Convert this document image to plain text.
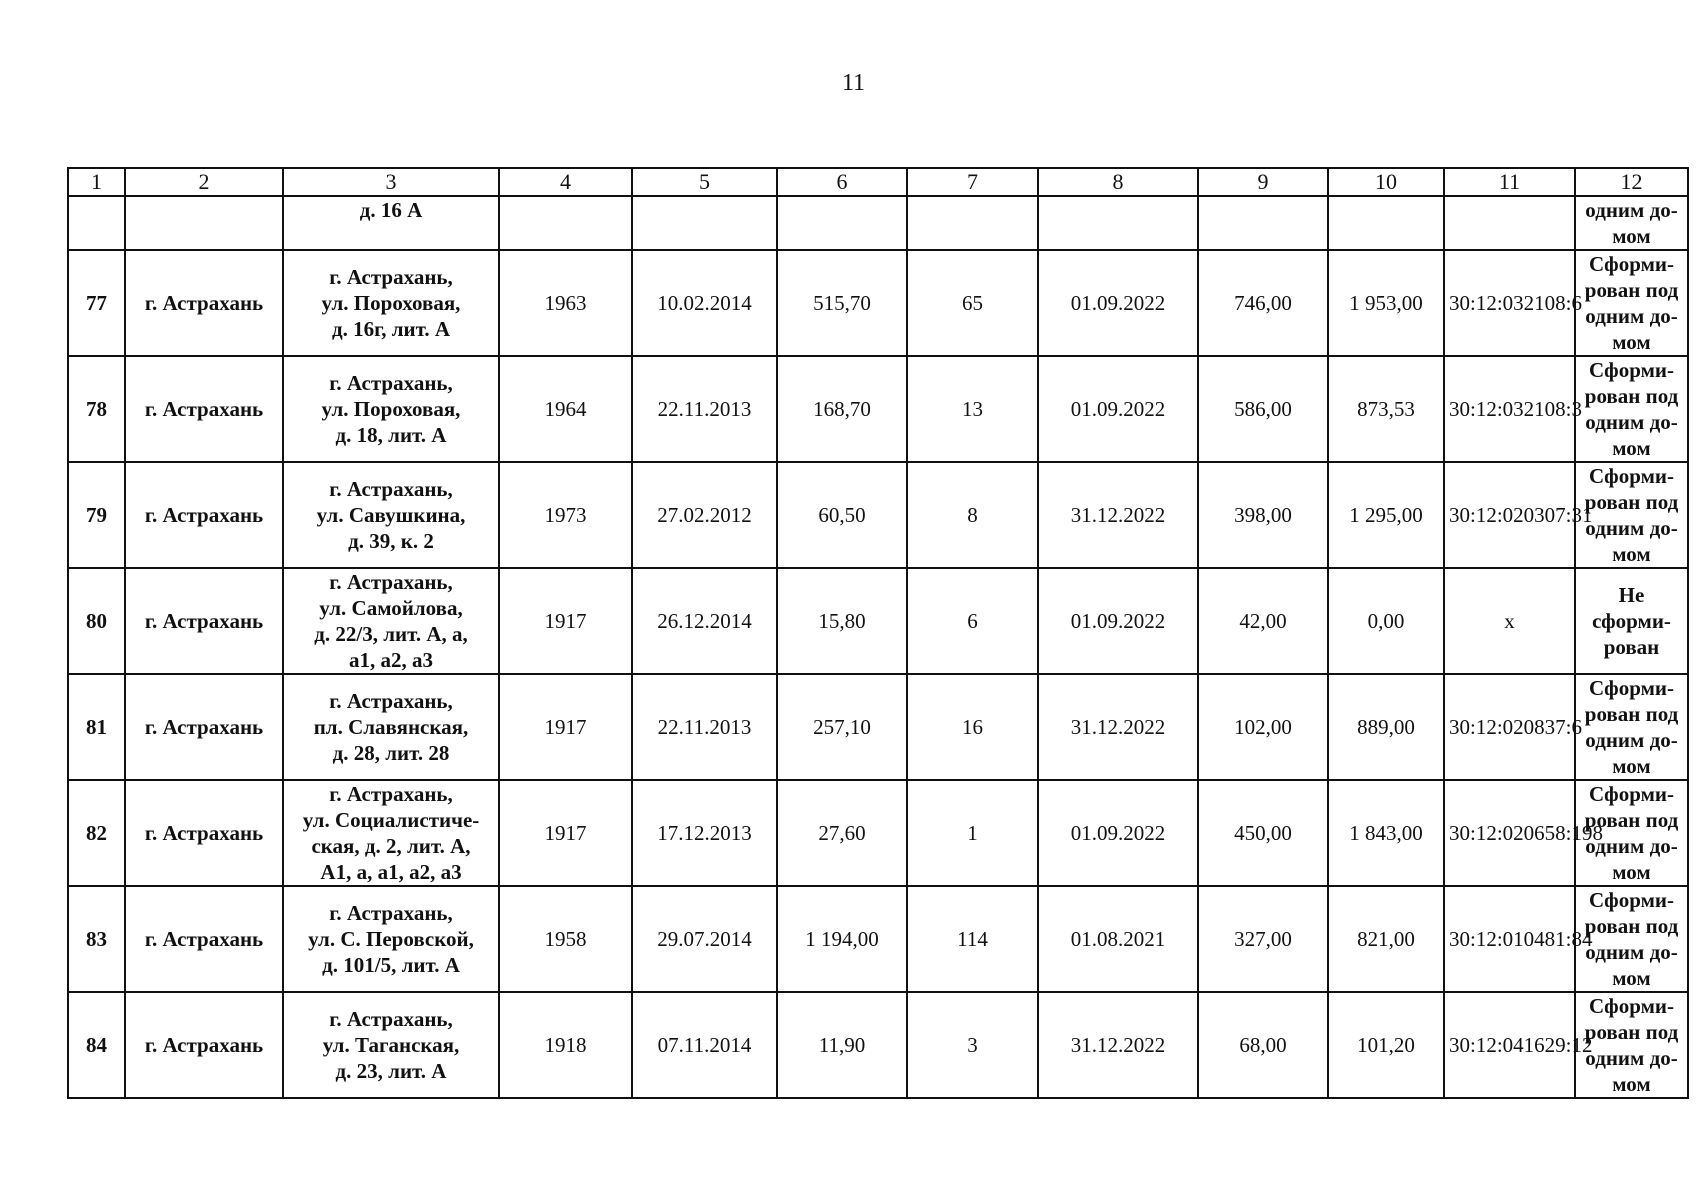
11
1	2	3	4	5	6	7	8	9	10	11	12
		д. 16 А									одним до-
мом
77	г. Астрахань	г. Астрахань,
ул. Пороховая,
д. 16г, лит. А	1963	10.02.2014	515,70	65	01.09.2022	746,00	1 953,00	30:12:032108:6	Сформи-
рован под
одним до-
мом
78	г. Астрахань	г. Астрахань,
ул. Пороховая,
д. 18, лит. А	1964	22.11.2013	168,70	13	01.09.2022	586,00	873,53	30:12:032108:3	Сформи-
рован под
одним до-
мом
79	г. Астрахань	г. Астрахань,
ул. Савушкина,
д. 39, к. 2	1973	27.02.2012	60,50	8	31.12.2022	398,00	1 295,00	30:12:020307:31	Сформи-
рован под
одним до-
мом
80	г. Астрахань	г. Астрахань,
ул. Самойлова,
д. 22/3, лит. А, а,
а1, а2, а3	1917	26.12.2014	15,80	6	01.09.2022	42,00	0,00	x	Не
сформи-
рован
81	г. Астрахань	г. Астрахань,
пл. Славянская,
д. 28, лит. 28	1917	22.11.2013	257,10	16	31.12.2022	102,00	889,00	30:12:020837:6	Сформи-
рован под
одним до-
мом
82	г. Астрахань	г. Астрахань,
ул. Социалистиче-
ская, д. 2, лит. А,
А1, а, а1, а2, а3	1917	17.12.2013	27,60	1	01.09.2022	450,00	1 843,00	30:12:020658:198	Сформи-
рован под
одним до-
мом
83	г. Астрахань	г. Астрахань,
ул. С. Перовской,
д. 101/5, лит. А	1958	29.07.2014	1 194,00	114	01.08.2021	327,00	821,00	30:12:010481:84	Сформи-
рован под
одним до-
мом
84	г. Астрахань	г. Астрахань,
ул. Таганская,
д. 23, лит. А	1918	07.11.2014	11,90	3	31.12.2022	68,00	101,20	30:12:041629:12	Сформи-
рован под
одним до-
мом
